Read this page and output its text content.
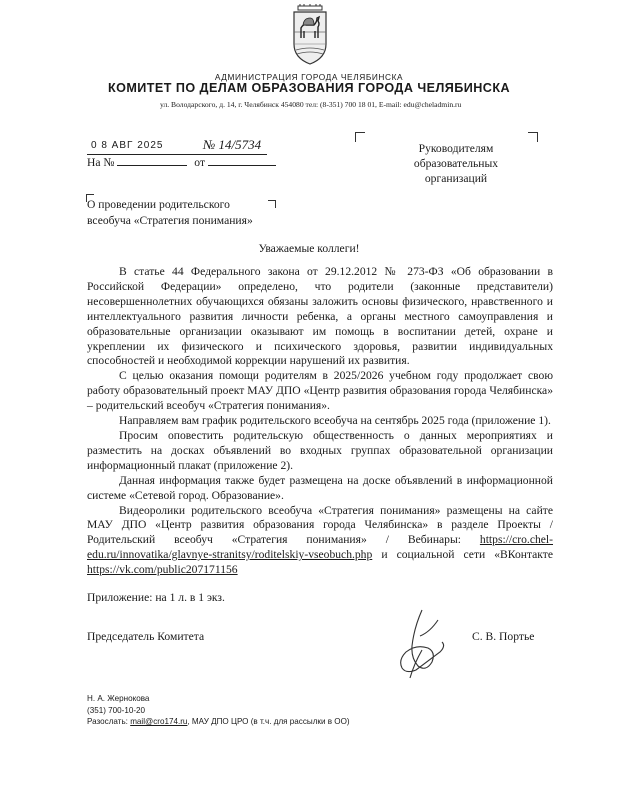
АДМИНИСТРАЦИЯ ГОРОДА ЧЕЛЯБИНСКА
КОМИТЕТ ПО ДЕЛАМ ОБРАЗОВАНИЯ ГОРОДА ЧЕЛЯБИНСКА
ул. Володарского, д. 14, г. Челябинск 454080 тел: (8-351) 700 18 01, E-mail: edu@cheladmin.ru
0 8 АВГ 2025	№ 14/5734
На №	от
Руководителям
образовательных
организаций
О проведении родительского
всеобуча «Стратегия понимания»
Уважаемые коллеги!

В статье 44 Федерального закона от 29.12.2012 № 273-ФЗ «Об образовании в Российской Федерации» определено, что родители (законные представители) несовершеннолетних обучающихся обязаны заложить основы физического, нравственного и интеллектуального развития личности ребенка, а органы местного самоуправления и образовательные организации оказывают им помощь в воспитании детей, охране и укреплении их физического и психического здоровья, развитии индивидуальных способностей и необходимой коррекции нарушений их развития.

С целью оказания помощи родителям в 2025/2026 учебном году продолжает свою работу образовательный проект МАУ ДПО «Центр развития образования города Челябинска» – родительский всеобуч «Стратегия понимания».

Направляем вам график родительского всеобуча на сентябрь 2025 года (приложение 1).

Просим оповестить родительскую общественность о данных мероприятиях и разместить на досках объявлений во входных группах образовательной организации информационный плакат (приложение 2).

Данная информация также будет размещена на доске объявлений в информационной системе «Сетевой город. Образование».

Видеоролики родительского всеобуча «Стратегия понимания» размещены на сайте МАУ ДПО «Центр развития образования города Челябинска» в разделе Проекты / Родительский всеобуч «Стратегия понимания» / Вебинары: https://cro.chel-edu.ru/innovatika/glavnye-stranitsy/roditelskiy-vseobuch.php и социальной сети «ВКонтакте https://vk.com/public207171156

Приложение: на 1 л. в 1 экз.
Председатель Комитета	С. В. Портье
Н. А. Жернокова
(351) 700-10-20
Разослать: mail@cro174.ru, МАУ ДПО ЦРО (в т.ч. для рассылки в ОО)
